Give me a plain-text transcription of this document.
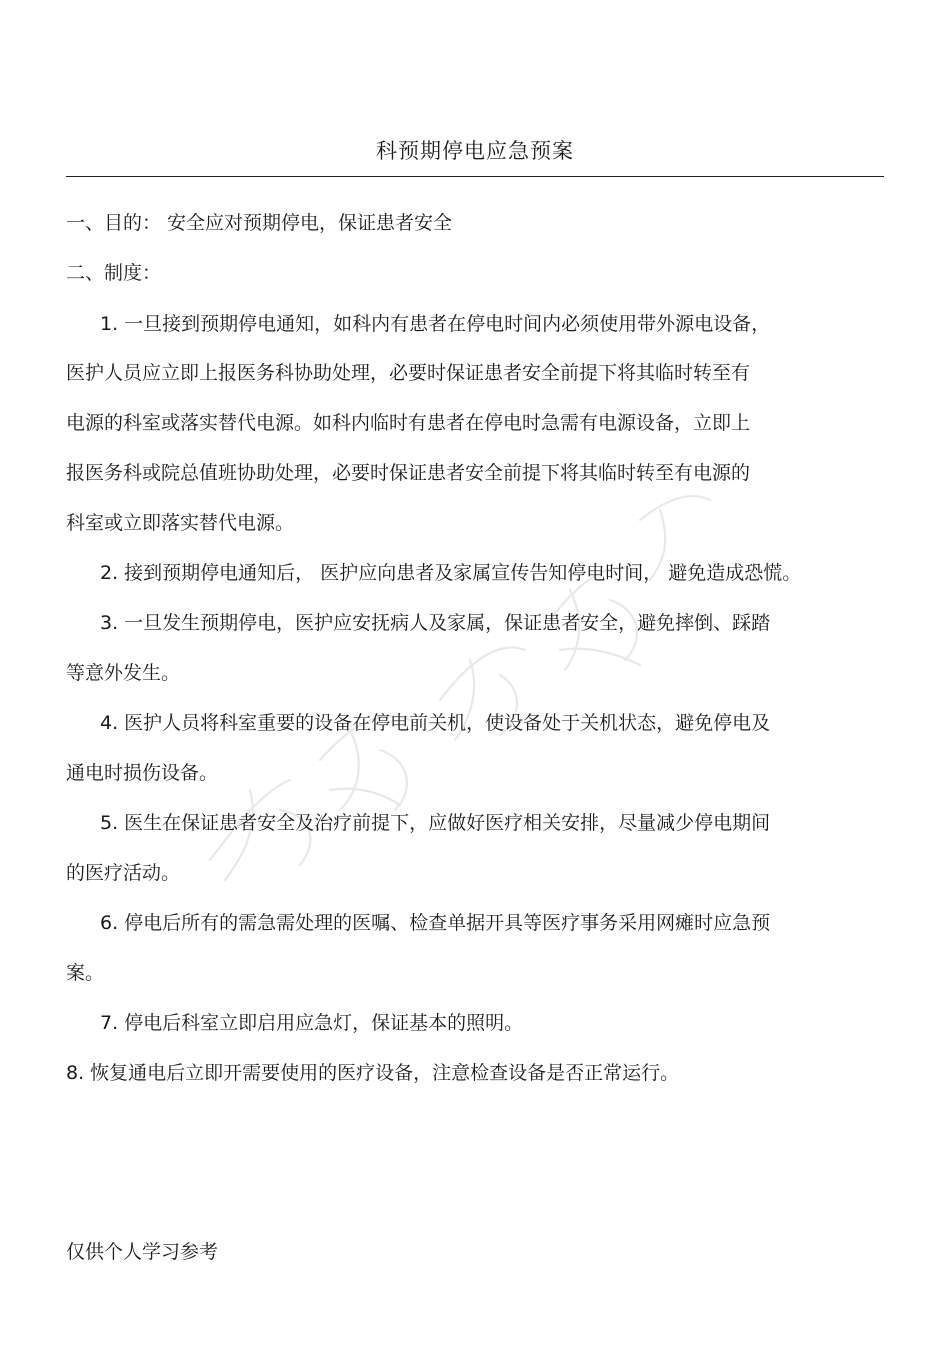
科预期停电应急预案
一、目的： 安全应对预期停电，保证患者安全
二、制度：
1. 一旦接到预期停电通知，如科内有患者在停电时间内必须使用带外源电设备，
医护人员应立即上报医务科协助处理，必要时保证患者安全前提下将其临时转至有
电源的科室或落实替代电源。如科内临时有患者在停电时急需有电源设备，立即上
报医务科或院总值班协助处理，必要时保证患者安全前提下将其临时转至有电源的
科室或立即落实替代电源。
2. 接到预期停电通知后， 医护应向患者及家属宣传告知停电时间， 避免造成恐慌。
3. 一旦发生预期停电，医护应安抚病人及家属，保证患者安全，避免摔倒、踩踏
等意外发生。
4. 医护人员将科室重要的设备在停电前关机，使设备处于关机状态，避免停电及
通电时损伤设备。
5. 医生在保证患者安全及治疗前提下，应做好医疗相关安排，尽量减少停电期间
的医疗活动。
6. 停电后所有的需急需处理的医嘱、检查单据开具等医疗事务采用网瘫时应急预
案。
7. 停电后科室立即启用应急灯，保证基本的照明。
8. 恢复通电后立即开需要使用的医疗设备，注意检查设备是否正常运行。
仅供个人学习参考
